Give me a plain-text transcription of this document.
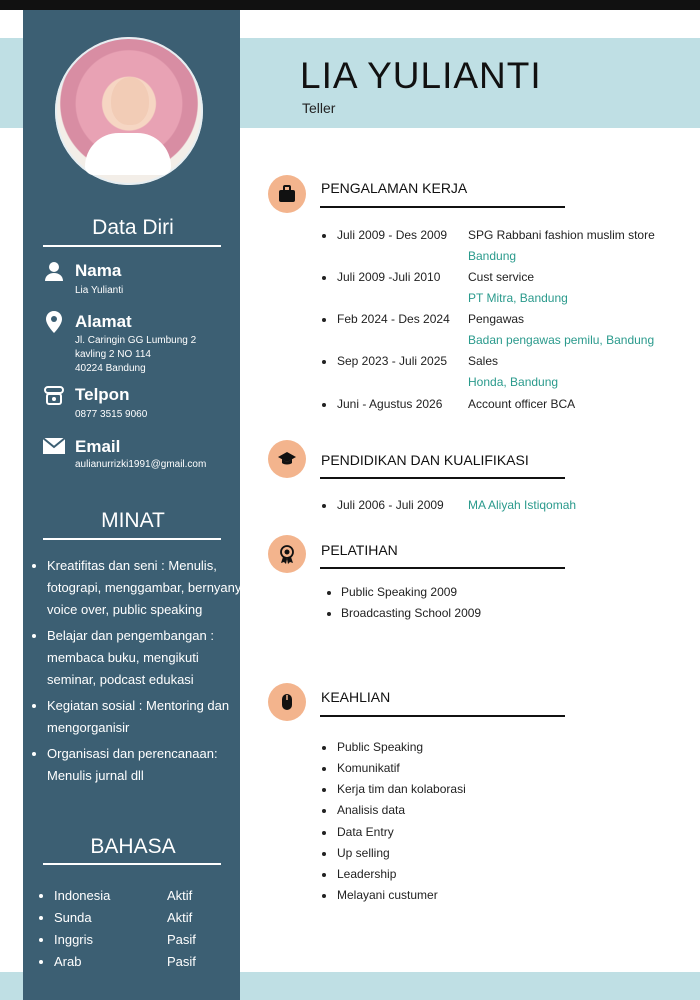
Data Diri
Nama
Lia Yulianti
Alamat
Jl. Caringin GG Lumbung 2
kavling 2 NO 114
40224 Bandung
Telpon
0877 3515 9060
Email
aulianurrizki1991@gmail.com
MINAT
• Kreatifitas dan seni : Menulis, fotograpi, menggambar, bernyanyi, voice over, public speaking
• Belajar dan pengembangan : membaca buku, mengikuti seminar, podcast edukasi
• Kegiatan sosial : Mentoring dan mengorganisir
• Organisasi dan perencanaan: Menulis jurnal dll
BAHASA
Indonesia	Aktif
Sunda	Aktif
Inggris	Pasif
Arab	Pasif
LIA YULIANTI
Teller
PENGALAMAN KERJA
Juli 2009 - Des 2009 SPG Rabbani fashion muslim store
Bandung
Juli 2009 -Juli 2010 Cust service
PT Mitra, Bandung
Feb 2024 - Des 2024 Pengawas
Badan pengawas pemilu, Bandung
Sep 2023 - Juli 2025 Sales
Honda, Bandung
Juni - Agustus 2026 Account officer BCA
PENDIDIKAN DAN KUALIFIKASI
Juli 2006 - Juli 2009 MA Aliyah Istiqomah
PELATIHAN
Public Speaking 2009
Broadcasting School 2009
KEAHLIAN
Public Speaking
Komunikatif
Kerja tim dan kolaborasi
Analisis data
Data Entry
Up selling
Leadership
Melayani custumer
